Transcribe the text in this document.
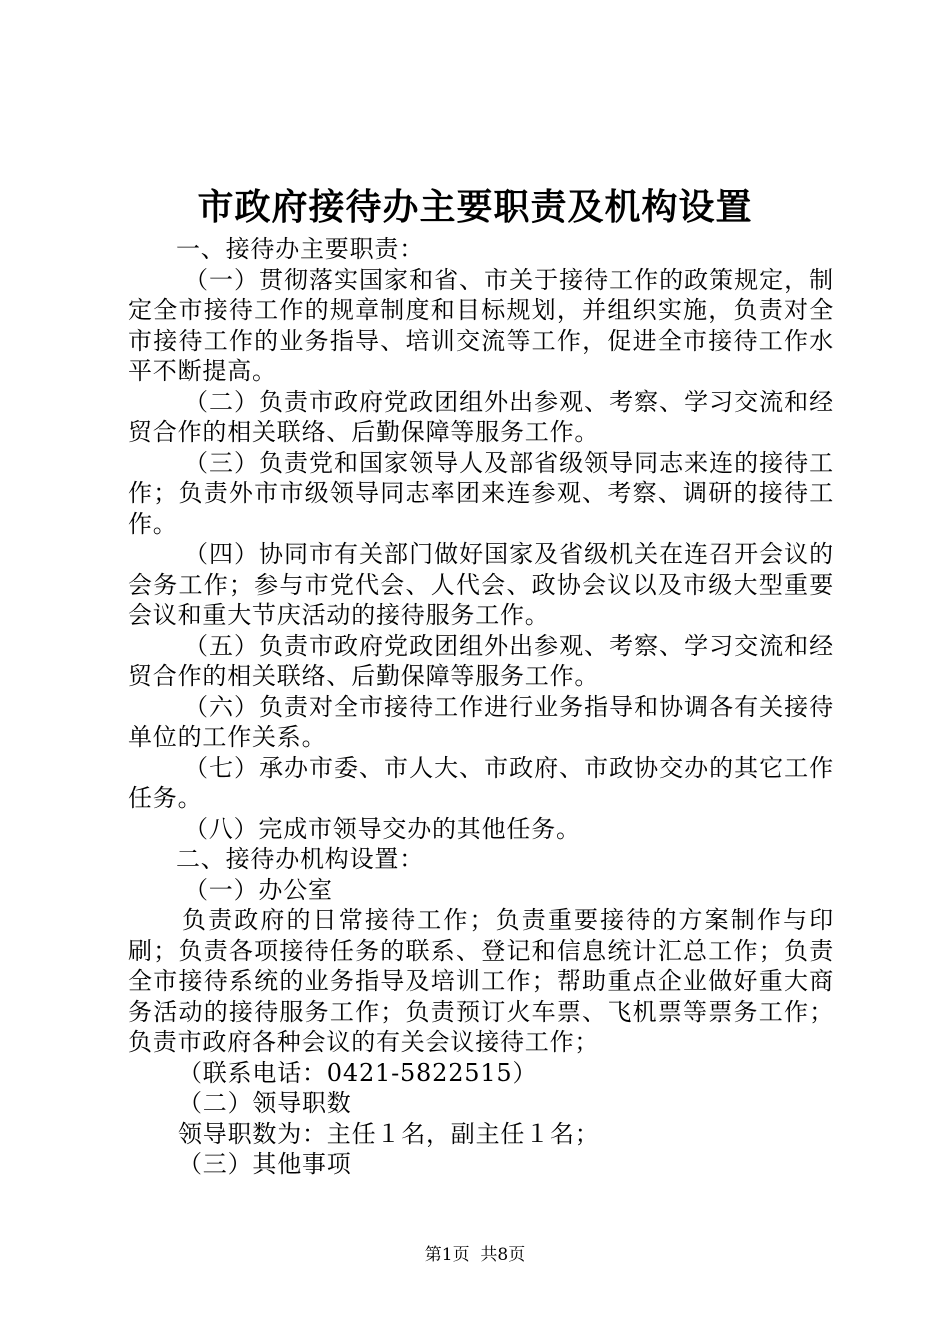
市政府接待办主要职责及机构设置

一、接待办主要职责：

（一）贯彻落实国家和省、市关于接待工作的政策规定，制定全市接待工作的规章制度和目标规划，并组织实施，负责对全市接待工作的业务指导、培训交流等工作，促进全市接待工作水平不断提高。

（二）负责市政府党政团组外出参观、考察、学习交流和经贸合作的相关联络、后勤保障等服务工作。

（三）负责党和国家领导人及部省级领导同志来连的接待工作；负责外市市级领导同志率团来连参观、考察、调研的接待工作。

（四）协同市有关部门做好国家及省级机关在连召开会议的会务工作；参与市党代会、人代会、政协会议以及市级大型重要会议和重大节庆活动的接待服务工作。

（五）负责市政府党政团组外出参观、考察、学习交流和经贸合作的相关联络、后勤保障等服务工作。

（六）负责对全市接待工作进行业务指导和协调各有关接待单位的工作关系。

（七）承办市委、市人大、市政府、市政协交办的其它工作任务。

（八）完成市领导交办的其他任务。

二、接待办机构设置：

（一）办公室

负责政府的日常接待工作；负责重要接待的方案制作与印刷；负责各项接待任务的联系、登记和信息统计汇总工作；负责全市接待系统的业务指导及培训工作；帮助重点企业做好重大商务活动的接待服务工作；负责预订火车票、飞机票等票务工作；负责市政府各种会议的有关会议接待工作；

（联系电话：0421-5822515）

（二）领导职数

领导职数为：主任１名，副主任１名；

（三）其他事项

第1页 共8页
